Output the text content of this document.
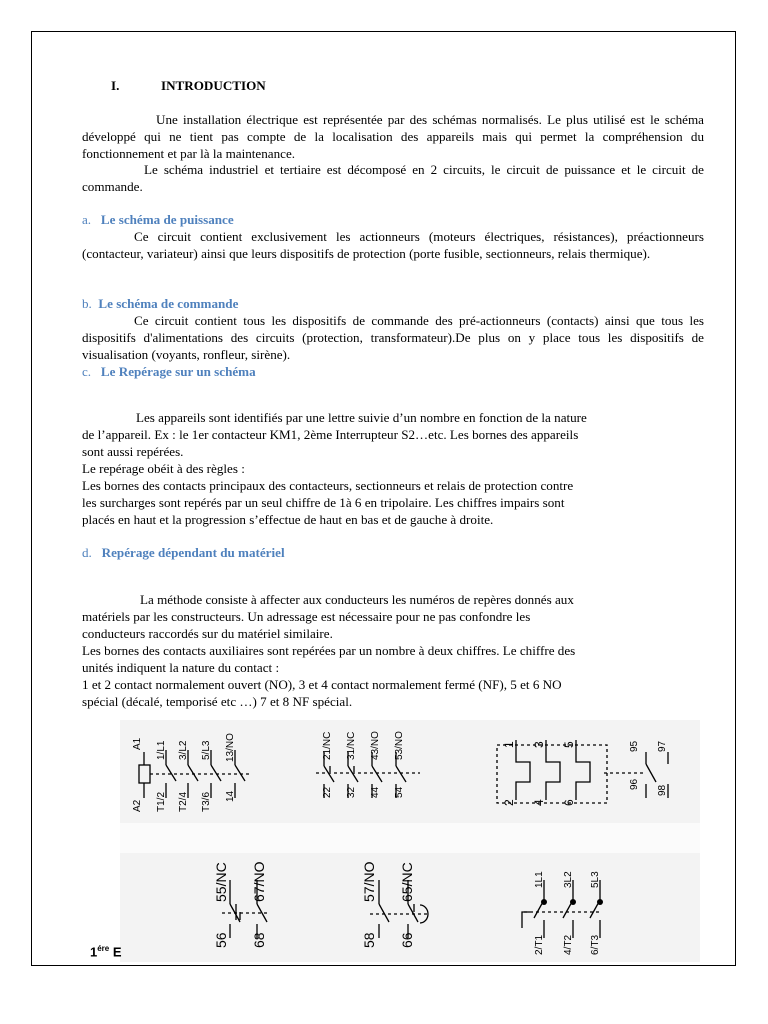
I.	INTRODUCTION

Une installation électrique est représentée par des schémas normalisés. Le plus utilisé est le schéma développé qui ne tient pas compte de la localisation des appareils mais qui permet la compréhension du fonctionnement et par là la maintenance.

Le schéma industriel et tertiaire est décomposé en 2 circuits, le circuit de puissance et le circuit de commande.

a. Le schéma de puissance

Ce circuit contient exclusivement les actionneurs (moteurs électriques, résistances), préactionneurs (contacteur, variateur) ainsi que leurs dispositifs de protection (porte fusible, sectionneurs, relais thermique).

b. Le schéma de commande

Ce circuit contient tous les dispositifs de commande des pré-actionneurs (contacts) ainsi que tous les dispositifs d'alimentations des circuits (protection, transformateur).De plus on y place tous les dispositifs de visualisation (voyants, ronfleur, sirène).

c. Le Repérage sur un schéma

Les appareils sont identifiés par une lettre suivie d’un nombre en fonction de la nature

de l’appareil. Ex : le 1er contacteur KM1, 2ème Interrupteur S2…etc. Les bornes des appareils

sont aussi repérées.

Le repérage obéit à des règles :

Les bornes des contacts principaux des contacteurs, sectionneurs et relais de protection contre

les surcharges sont repérés par un seul chiffre de 1à 6 en tripolaire. Les chiffres impairs sont

placés en haut et la progression s’effectue de haut en bas et de gauche à droite.

d. Repérage dépendant du matériel

La méthode consiste à affecter aux conducteurs les numéros de repères donnés aux

matériels par les constructeurs. Un adressage est nécessaire pour ne pas confondre les

conducteurs raccordés sur du matériel similaire.

Les bornes des contacts auxiliaires sont repérées par un nombre à deux chiffres. Le chiffre des

unités indiquent la nature du contact :

1 et 2 contact normalement ouvert (NO), 3 et 4 contact normalement fermé (NF), 5 et 6 NO

spécial (décalé, temporisé etc …) 7 et 8 NF spécial.

A1
A2
1/L1 3/L2 5/L3 13/NO
T1/2 T2/4 T3/6 14
21/NC 31/NC 43/NO 53/NO
22 32 44 54
95 97
96
98
1 3 5
2 4 6
55/NC 67/NO
56 68
57/NO 65/NC
58 66
1L1 3L2 5L3
2/T1 4/T2 6/T3
$1^{ére}$ E
